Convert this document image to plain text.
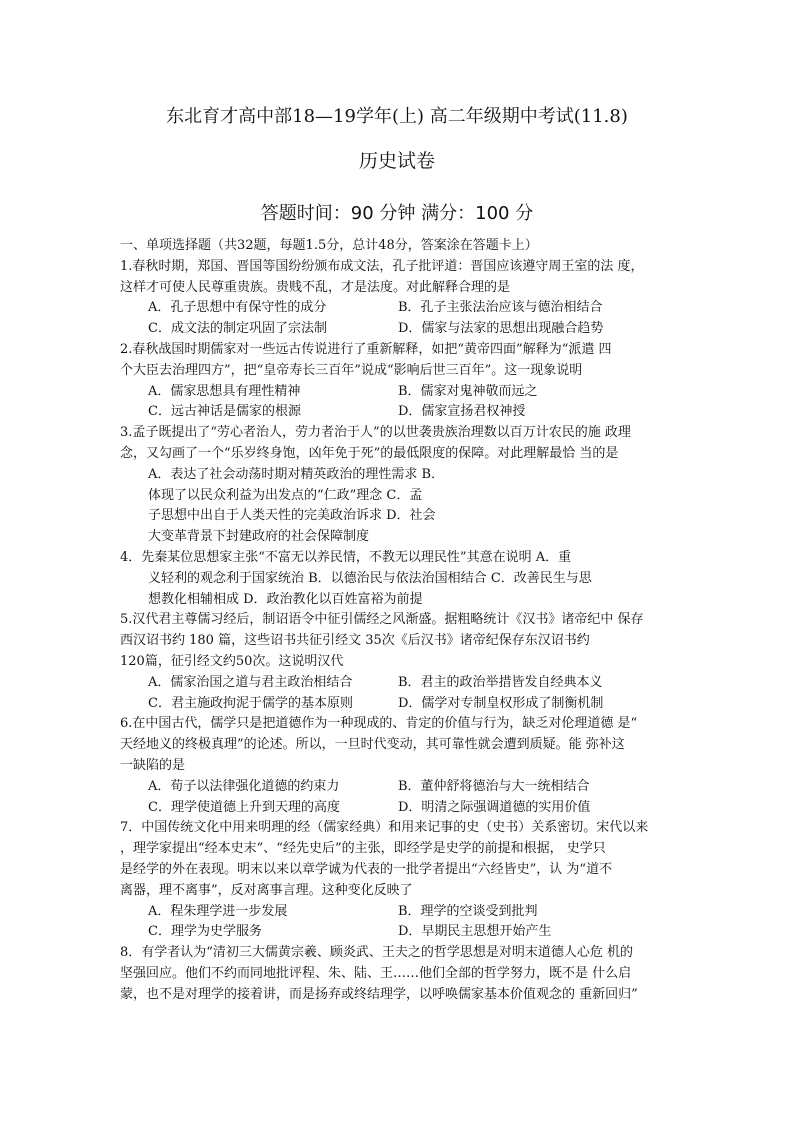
东北育才高中部18—19学年(上) 高二年级期中考试(11.8)
历史试卷
答题时间：90 分钟 满分：100 分

一、单项选择题（共32题，每题1.5分，总计48分，答案涂在答题卡上）

1.春秋时期，郑国、晋国等国纷纷颁布成文法，孔子批评道：晋国应该遵守周王室的法 度，

这样才可使人民尊重贵族。贵贱不乱，才是法度。对此解释合理的是

A．孔子思想中有保守性的成分	B．孔子主张法治应该与德治相结合
C．成文法的制定巩固了宗法制	D．儒家与法家的思想出现融合趋势

2.春秋战国时期儒家对一些远古传说进行了重新解释，如把“黄帝四面”解释为“派遣 四

个大臣去治理四方”，把“皇帝寿长三百年”说成“影响后世三百年”。这一现象说明

A．儒家思想具有理性精神	B．儒家对鬼神敬而远之
C．远古神话是儒家的根源	D．儒家宣扬君权神授

3.孟子既提出了“劳心者治人，劳力者治于人”的以世袭贵族治理数以百万计农民的施 政理

念，又勾画了一个“乐岁终身饱，凶年免于死”的最低限度的保障。对此理解最恰 当的是

A．表达了社会动荡时期对精英政治的理性需求 B．

体现了以民众利益为出发点的“仁政”理念 C．孟

子思想中出自于人类天性的完美政治诉求 D．社会

大变革背景下封建政府的社会保障制度

4．先秦某位思想家主张“不富无以养民情，不教无以理民性”其意在说明 A．重

义轻利的观念利于国家统治 B．以德治民与依法治国相结合 C．改善民生与思

想教化相辅相成 D．政治教化以百姓富裕为前提

5.汉代君主尊儒习经后，制诏语令中征引儒经之风渐盛。据粗略统计《汉书》诸帝纪中 保存

西汉诏书约 180 篇，这些诏书共征引经文 35次《后汉书》诸帝纪保存东汉诏书约

120篇，征引经文约50次。这说明汉代

A．儒家治国之道与君主政治相结合	B．君主的政治举措皆发自经典本义
C．君主施政拘泥于儒学的基本原则	D．儒学对专制皇权形成了制衡机制

6.在中国古代，儒学只是把道德作为一种现成的、肯定的价值与行为，缺乏对伦理道德 是“

天经地义的终极真理”的论述。所以，一旦时代变动，其可靠性就会遭到质疑。能 弥补这

一缺陷的是

A．荀子以法律强化道德的约束力	B．董仲舒将德治与大一统相结合
C．理学使道德上升到天理的高度	D．明清之际强调道德的实用价值

7．中国传统文化中用来明理的经（儒家经典）和用来记事的史（史书）关系密切。宋代以来

，理学家提出“经本史末”、“经先史后”的主张，即经学是史学的前提和根据， 史学只

是经学的外在表现。明末以来以章学诚为代表的一批学者提出“六经皆史”，认 为“道不

离器，理不离事”，反对离事言理。这种变化反映了

A．程朱理学进一步发展	B．理学的空谈受到批判
C．理学为史学服务	D．早期民主思想开始产生

8．有学者认为“清初三大儒黄宗羲、顾炎武、王夫之的哲学思想是对明末道德人心危 机的

坚强回应。他们不约而同地批评程、朱、陆、王……他们全部的哲学努力，既不是 什么启

蒙，也不是对理学的接着讲，而是扬弃或终结理学，以呼唤儒家基本价值观念的 重新回归”
